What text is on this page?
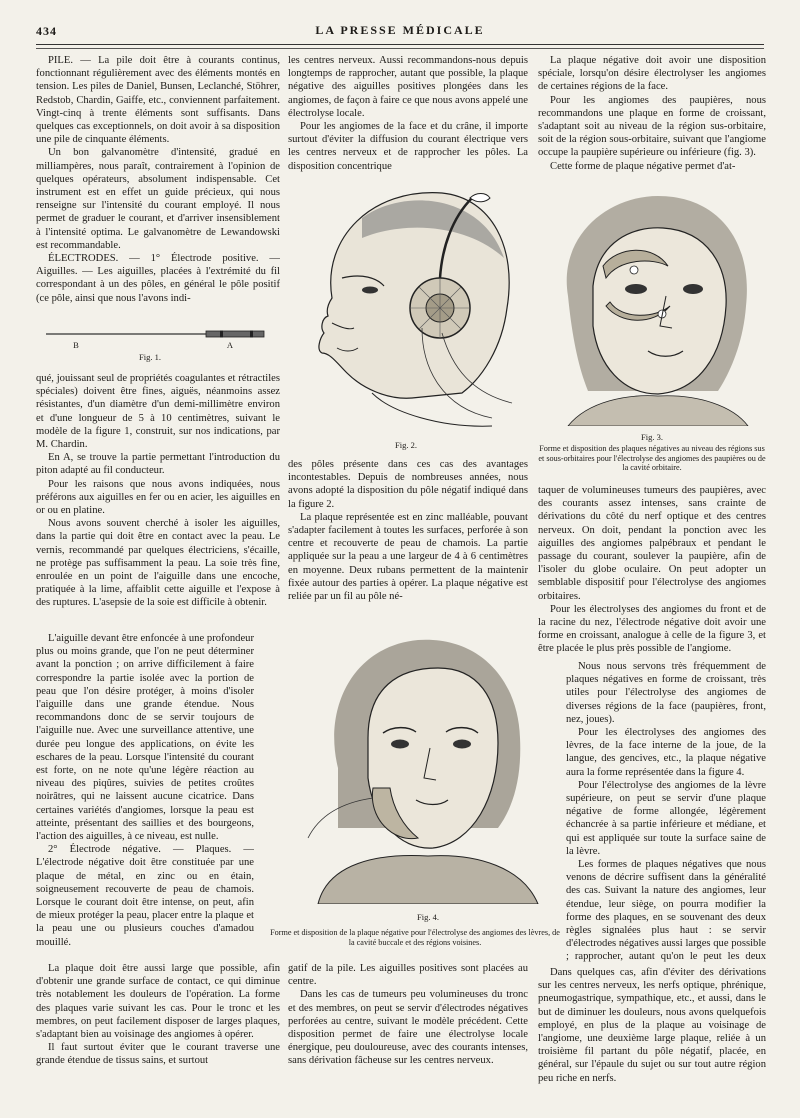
434	LA PRESSE MÉDICALE

PILE. — La pile doit être à courants continus, fonctionnant régulièrement avec des éléments montés en tension. Les piles de Daniel, Bunsen, Leclanché, Stöhrer, Redstob, Chardin, Gaiffe, etc., conviennent parfaitement. Vingt-cinq à trente éléments sont suffisants. Dans quelques cas exceptionnels, on doit avoir à sa disposition une pile de cinquante éléments.

Un bon galvanomètre d'intensité, gradué en milliampères, nous paraît, contrairement à l'opinion de quelques opérateurs, absolument indispensable. Cet instrument est en effet un guide précieux, qui nous renseigne sur l'intensité du courant employé. Il nous permet de graduer le courant, et d'arriver insensiblement à l'intensité optima. Le galvanomètre de Lewandowski est recommandable.

ÉLECTRODES. — 1° Électrode positive. — Aiguilles. — Les aiguilles, placées à l'extrémité du fil correspondant à un des pôles, en général le pôle positif (ce pôle, ainsi que nous l'avons indi-

B	A
Fig. 1.

qué, jouissant seul de propriétés coagulantes et rétractiles spéciales) doivent être fines, aiguës, néanmoins assez résistantes, d'un diamètre d'un demi-millimètre environ et d'une longueur de 5 à 10 centimètres, suivant le modèle de la figure 1, construit, sur nos indications, par M. Chardin.

En A, se trouve la partie permettant l'introduction du piton adapté au fil conducteur.

Pour les raisons que nous avons indiquées, nous préférons aux aiguilles en fer ou en acier, les aiguilles en or ou en platine.

Nous avons souvent cherché à isoler les aiguilles, dans la partie qui doit être en contact avec la peau. Le vernis, recommandé par quelques électriciens, s'écaille, ne protège pas suffisamment la peau. La soie très fine, enroulée en un point de l'aiguille dans une encoche, pratiquée à la lime, affaiblit cette aiguille et l'expose à des ruptures. L'asepsie de la soie est difficile à obtenir.

L'aiguille devant être enfoncée à une profondeur plus ou moins grande, que l'on ne peut déterminer avant la ponction ; on arrive difficilement à faire correspondre la partie isolée avec la portion de peau que l'on désire protéger, à moins d'isoler l'aiguille dans une grande étendue. Nous recommandons donc de se servir toujours de l'aiguille nue. Avec une surveillance attentive, une durée peu longue des applications, on évite les eschares de la peau. Lorsque l'intensité du courant est forte, on ne note qu'une légère réaction au niveau des piqûres, suivies de petites croûtes noirâtres, qui ne laissent aucune cicatrice. Dans certaines variétés d'angiomes, lorsque la peau est atteinte, présentant des saillies et des bourgeons, l'action des aiguilles, à ce niveau, est nulle.

2° Électrode négative. — Plaques. — L'électrode négative doit être constituée par une plaque de métal, en zinc ou en étain, soigneusement recouverte de peau de chamois. Lorsque le courant doit être intense, on peut, afin de mieux protéger la peau, placer entre la plaque et la peau une ou plusieurs couches d'amadou mouillé.

La plaque doit être aussi large que possible, afin d'obtenir une grande surface de contact, ce qui diminue très notablement les douleurs de l'opération. La forme des plaques varie suivant les cas. Pour le tronc et les membres, on peut facilement disposer de larges plaques, s'adaptant bien au voisinage des angiomes à opérer.

Il faut surtout éviter que le courant traverse une grande étendue de tissus sains, et surtout

les centres nerveux. Aussi recommandons-nous depuis longtemps de rapprocher, autant que possible, la plaque négative des aiguilles positives plongées dans les angiomes, de façon à faire ce que nous avons appelé une électrolyse locale.

Pour les angiomes de la face et du crâne, il importe surtout d'éviter la diffusion du courant électrique vers les centres nerveux et de rapprocher les pôles. La disposition concentrique

Fig. 2.

des pôles présente dans ces cas des avantages incontestables. Depuis de nombreuses années, nous avons adopté la disposition du pôle négatif indiqué dans la figure 2.

La plaque représentée est en zinc malléable, pouvant s'adapter facilement à toutes les surfaces, perforée à son centre et recouverte de peau de chamois. La partie appliquée sur la peau a une largeur de 4 à 6 centimètres en moyenne. Deux rubans permettent de la maintenir fixée autour des parties à opérer. La plaque négative est reliée par un fil au pôle né-

Fig. 4.
Forme et disposition de la plaque négative pour l'électrolyse des angiomes des lèvres, de la cavité buccale et des régions voisines.

gatif de la pile. Les aiguilles positives sont placées au centre.

Dans les cas de tumeurs peu volumineuses du tronc et des membres, on peut se servir d'électrodes négatives perforées au centre, suivant le modèle précédent. Cette disposition permet de faire une électrolyse locale énergique, peu douloureuse, avec des courants intenses, sans dérivation fâcheuse sur les centres nerveux.

La plaque négative doit avoir une disposition spéciale, lorsqu'on désire électrolyser les angiomes de certaines régions de la face.

Pour les angiomes des paupières, nous recommandons une plaque en forme de croissant, s'adaptant soit au niveau de la région sus-orbitaire, soit de la région sous-orbitaire, suivant que l'angiome occupe la paupière supérieure ou inférieure (fig. 3).

Cette forme de plaque négative permet d'at-

Fig. 3.
Forme et disposition des plaques négatives au niveau des régions sus et sous-orbitaires pour l'électrolyse des angiomes des paupières ou de la cavité orbitaire.

taquer de volumineuses tumeurs des paupières, avec des courants assez intenses, sans crainte de dérivations du côté du nerf optique et des centres nerveux. On doit, pendant la ponction avec les aiguilles des angiomes palpébraux et pendant le passage du courant, soulever la paupière, afin de l'isoler du globe oculaire. On peut adopter un semblable dispositif pour l'électrolyse des angiomes orbitaires.

Pour les électrolyses des angiomes du front et de la racine du nez, l'électrode négative doit avoir une forme en croissant, analogue à celle de la figure 3, et être placée le plus près possible de l'angiome.

Nous nous servons très fréquemment de plaques négatives en forme de croissant, très utiles pour l'électrolyse des angiomes de diverses régions de la face (paupières, front, nez, joues).

Pour les électrolyses des angiomes des lèvres, de la face interne de la joue, de la langue, des gencives, etc., la plaque négative aura la forme représentée dans la figure 4.

Pour l'électrolyse des angiomes de la lèvre supérieure, on peut se servir d'une plaque négative de forme allongée, légèrement échancrée à sa partie inférieure et médiane, et qui est appliquée sur toute la surface saine de la lèvre.

Les formes de plaques négatives que nous venons de décrire suffisent dans la généralité des cas. Suivant la nature des angiomes, leur étendue, leur siège, on pourra modifier la forme des plaques, en se souvenant des deux règles signalées plus haut : se servir d'électrodes négatives aussi larges que possible ; rapprocher, autant qu'on le peut les deux

Dans quelques cas, afin d'éviter des dérivations sur les centres nerveux, les nerfs optique, phrénique, pneumogastrique, sympathique, etc., et aussi, dans le but de diminuer les douleurs, nous avons quelquefois employé, en plus de la plaque au voisinage de l'angiome, une deuxième large plaque, reliée à un troisième fil partant du pôle négatif, placée, en général, sur l'épaule du sujet ou sur tout autre région peu riche en nerfs.
